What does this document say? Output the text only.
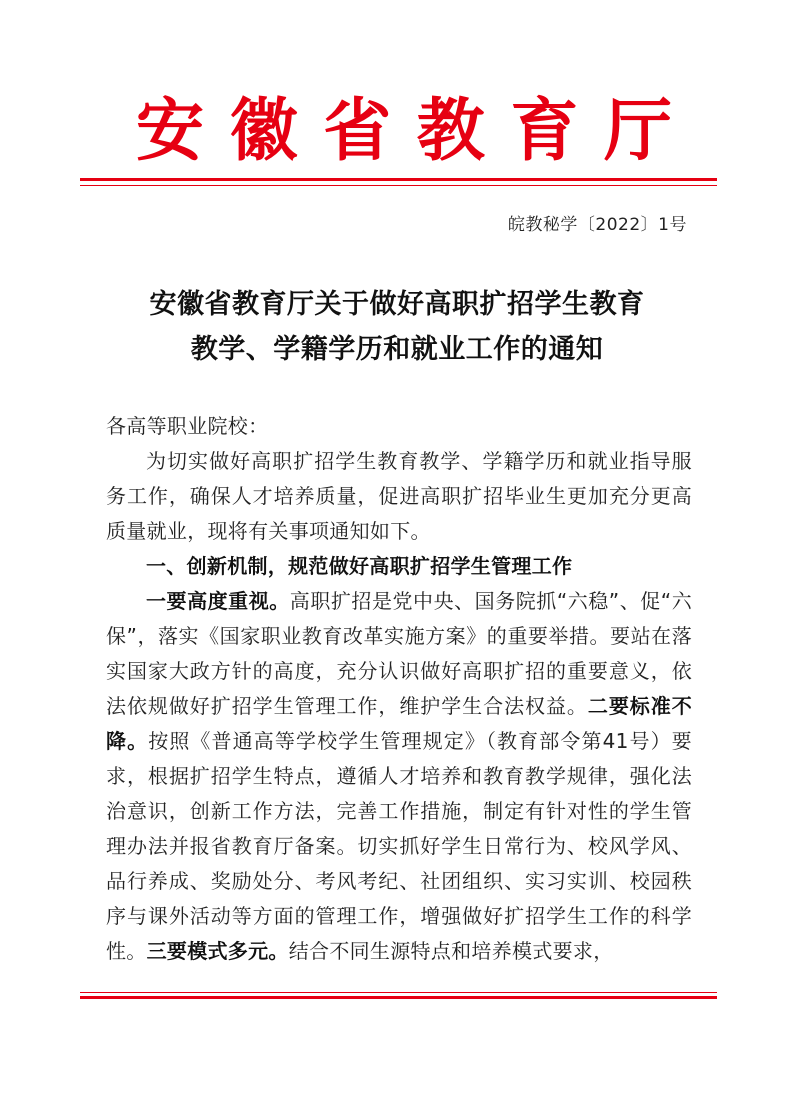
安 徽 省 教 育 厅
皖教秘学〔2022〕1号
安徽省教育厅关于做好高职扩招学生教育
教学、学籍学历和就业工作的通知

各高等职业院校：

为切实做好高职扩招学生教育教学、学籍学历和就业指导服务工作，确保人才培养质量，促进高职扩招毕业生更加充分更高质量就业，现将有关事项通知如下。

一、创新机制，规范做好高职扩招学生管理工作

一要高度重视。高职扩招是党中央、国务院抓“六稳”、促“六保”，落实《国家职业教育改革实施方案》的重要举措。要站在落实国家大政方针的高度，充分认识做好高职扩招的重要意义，依法依规做好扩招学生管理工作，维护学生合法权益。二要标准不降。按照《普通高等学校学生管理规定》（教育部令第41号）要求，根据扩招学生特点，遵循人才培养和教育教学规律，强化法治意识，创新工作方法，完善工作措施，制定有针对性的学生管理办法并报省教育厅备案。切实抓好学生日常行为、校风学风、品行养成、奖励处分、考风考纪、社团组织、实习实训、校园秩序与课外活动等方面的管理工作，增强做好扩招学生工作的科学性。三要模式多元。结合不同生源特点和培养模式要求，
